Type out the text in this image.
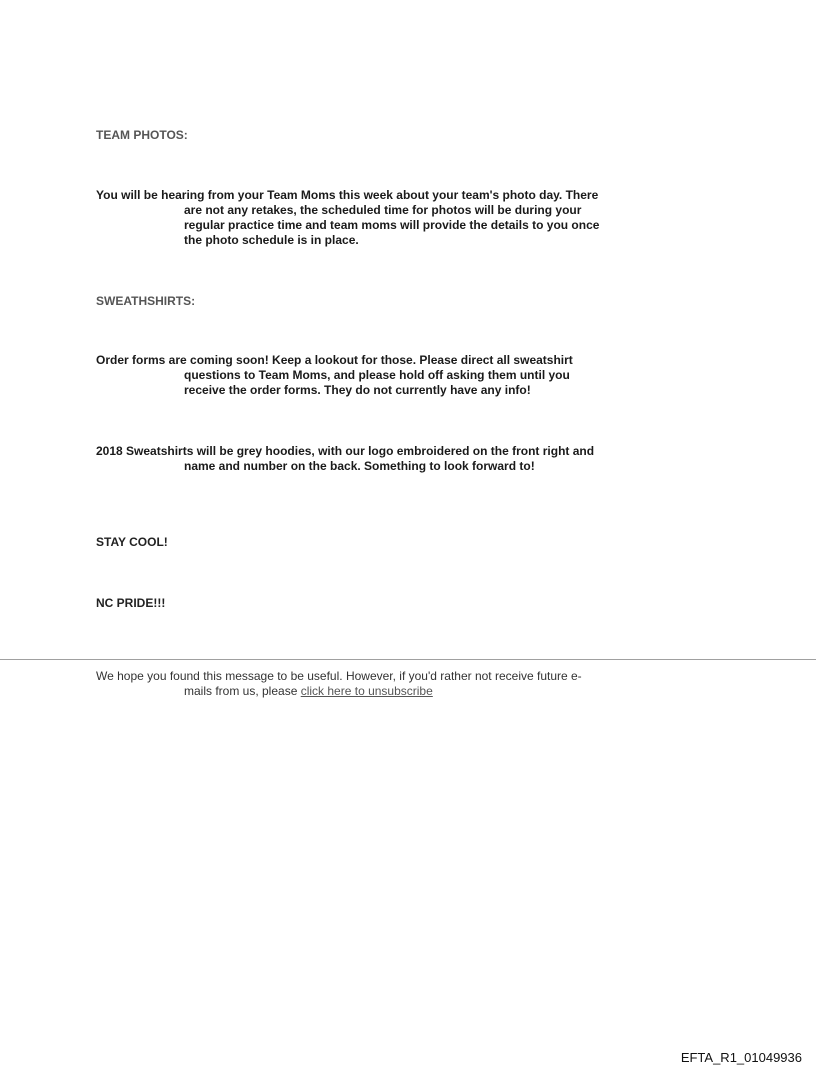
TEAM PHOTOS:

You will be hearing from your Team Moms this week about your team's photo day. There
are not any retakes, the scheduled time for photos will be during your
regular practice time and team moms will provide the details to you once
the photo schedule is in place.

SWEATHSHIRTS:

Order forms are coming soon! Keep a lookout for those. Please direct all sweatshirt
questions to Team Moms, and please hold off asking them until you
receive the order forms. They do not currently have any info!

2018 Sweatshirts will be grey hoodies, with our logo embroidered on the front right and
name and number on the back. Something to look forward to!

STAY COOL!

NC PRIDE!!!

We hope you found this message to be useful. However, if you'd rather not receive future e-
mails from us, please click here to unsubscribe

EFTA_R1_01049936
